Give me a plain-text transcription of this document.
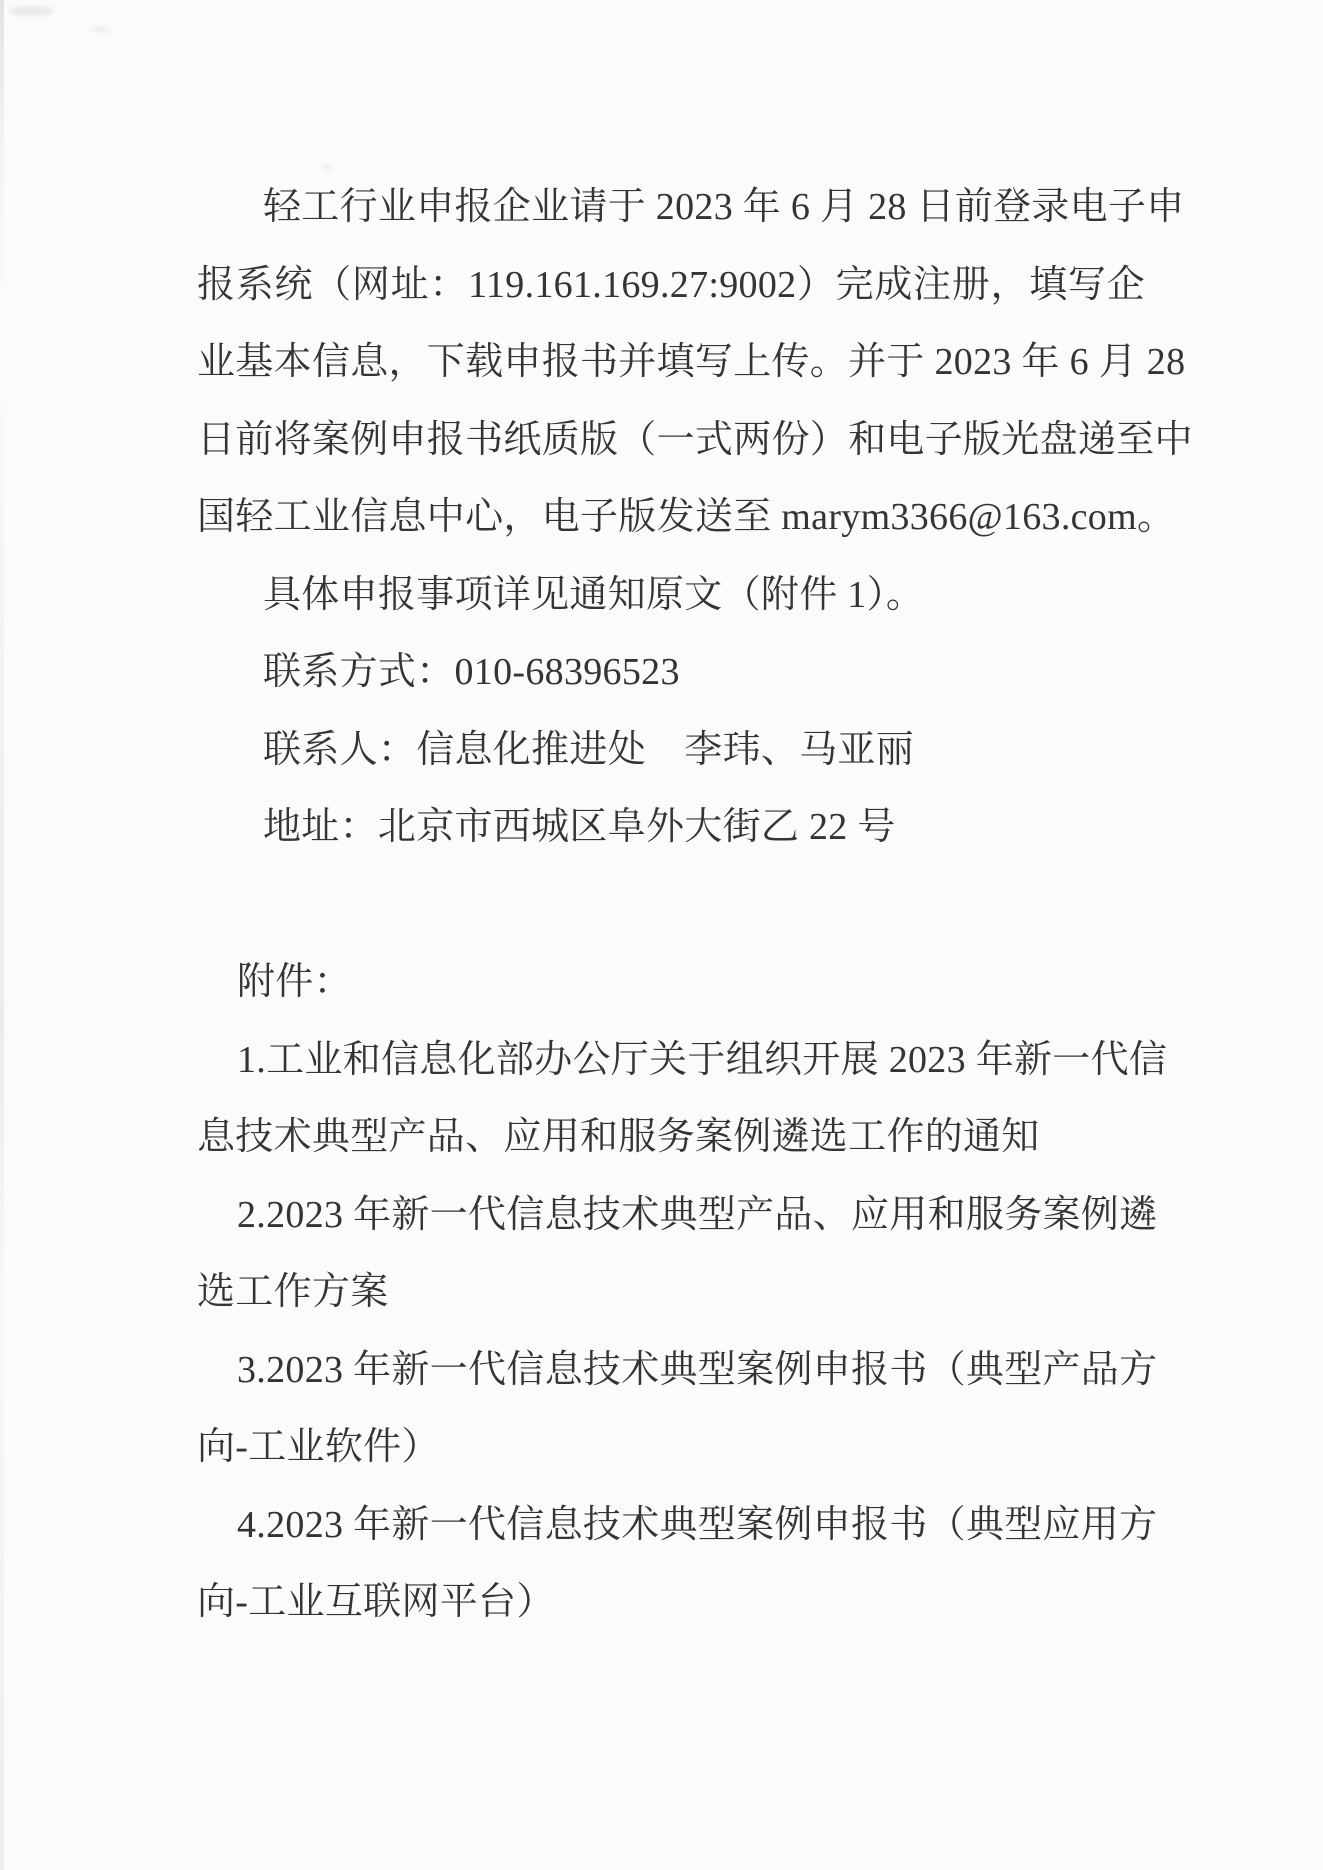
轻工行业申报企业请于 2023 年 6 月 28 日前登录电子申
报系统（网址：119.161.169.27:9002）完成注册，填写企
业基本信息，下载申报书并填写上传。并于 2023 年 6 月 28
日前将案例申报书纸质版（一式两份）和电子版光盘递至中
国轻工业信息中心，电子版发送至 marym3366@163.com。
具体申报事项详见通知原文（附件 1）。
联系方式：010-68396523
联系人：信息化推进处　李玮、马亚丽
地址：北京市西城区阜外大街乙 22 号
附件：
1.工业和信息化部办公厅关于组织开展 2023 年新一代信
息技术典型产品、应用和服务案例遴选工作的通知
2.2023 年新一代信息技术典型产品、应用和服务案例遴
选工作方案
3.2023 年新一代信息技术典型案例申报书（典型产品方
向-工业软件）
4.2023 年新一代信息技术典型案例申报书（典型应用方
向-工业互联网平台）
